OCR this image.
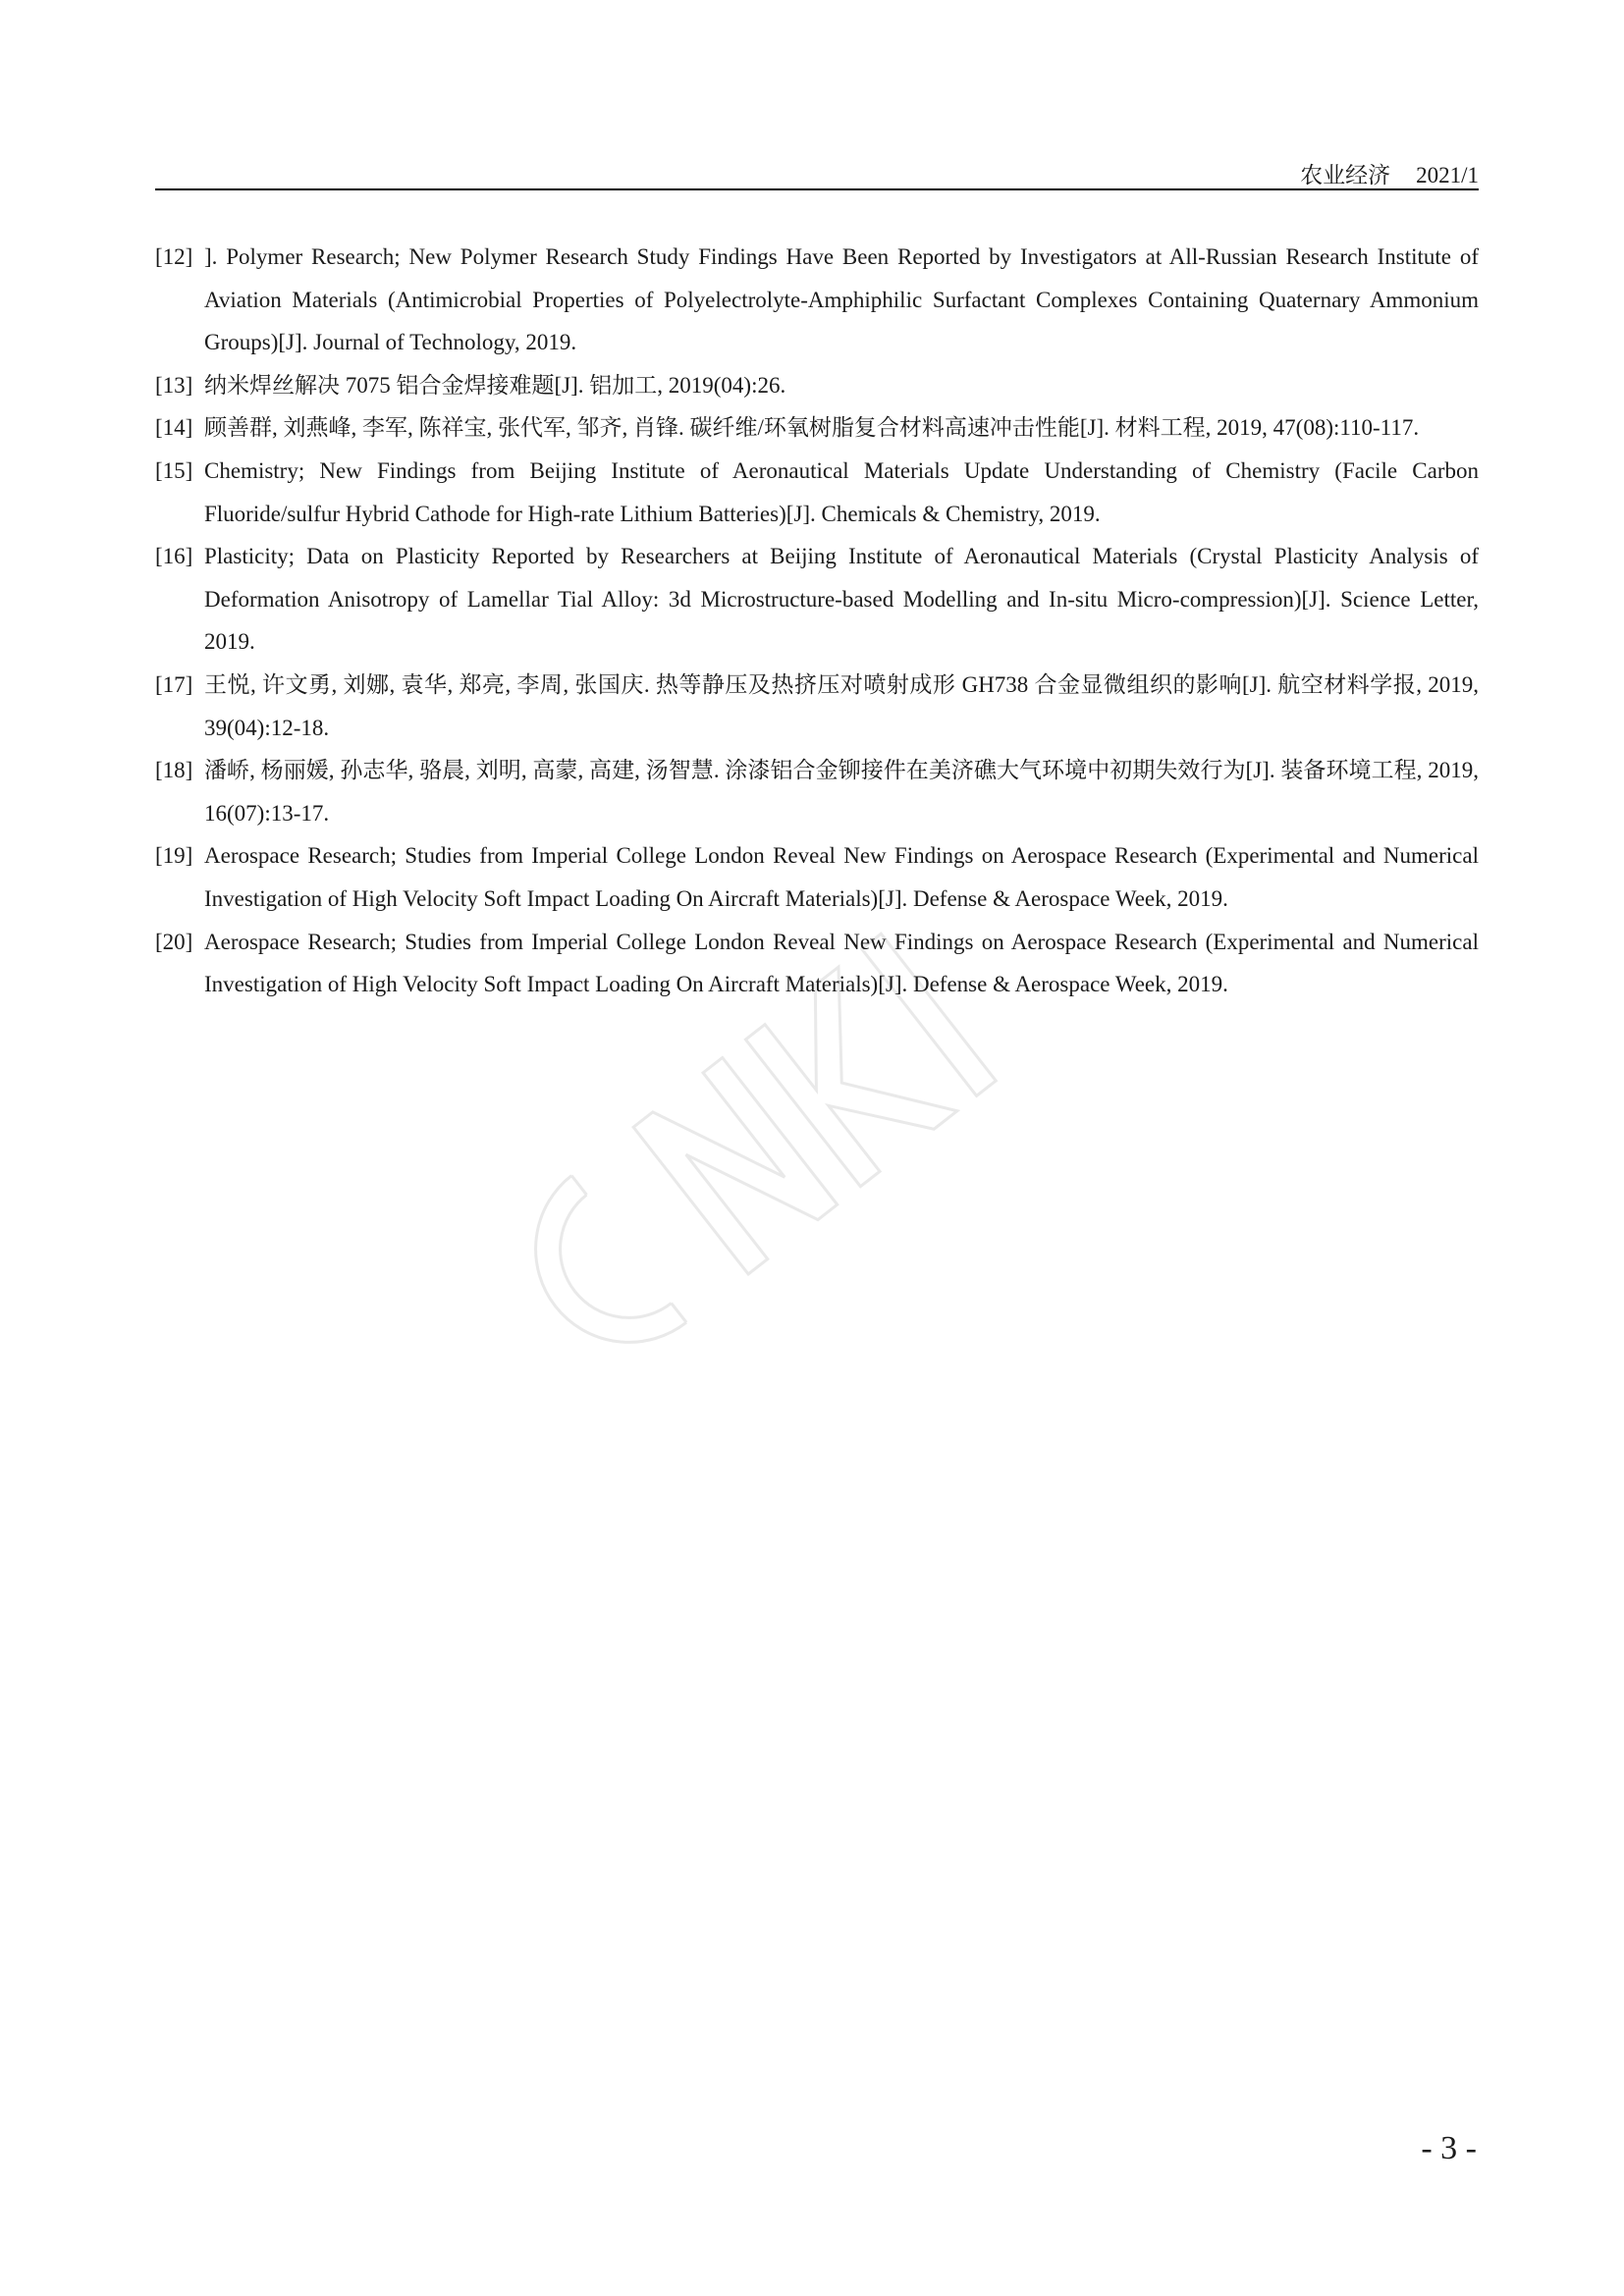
农业经济 2021/1
[12] ]. Polymer Research; New Polymer Research Study Findings Have Been Reported by Investigators at All-Russian Research Institute of Aviation Materials (Antimicrobial Properties of Polyelectrolyte-Amphiphilic Surfactant Complexes Containing Quaternary Ammonium Groups)[J]. Journal of Technology, 2019.
[13] 纳米焊丝解决 7075 铝合金焊接难题[J]. 铝加工, 2019(04):26.
[14] 顾善群, 刘燕峰, 李军, 陈祥宝, 张代军, 邹齐, 肖锋. 碳纤维/环氧树脂复合材料高速冲击性能[J]. 材料工程, 2019, 47(08):110-117.
[15] Chemistry; New Findings from Beijing Institute of Aeronautical Materials Update Understanding of Chemistry (Facile Carbon Fluoride/sulfur Hybrid Cathode for High-rate Lithium Batteries)[J]. Chemicals & Chemistry, 2019.
[16] Plasticity; Data on Plasticity Reported by Researchers at Beijing Institute of Aeronautical Materials (Crystal Plasticity Analysis of Deformation Anisotropy of Lamellar Tial Alloy: 3d Microstructure-based Modelling and In-situ Micro-compression)[J]. Science Letter, 2019.
[17] 王悦, 许文勇, 刘娜, 袁华, 郑亮, 李周, 张国庆. 热等静压及热挤压对喷射成形 GH738 合金显微组织的影响[J]. 航空材料学报, 2019, 39(04):12-18.
[18] 潘峤, 杨丽媛, 孙志华, 骆晨, 刘明, 高蒙, 高建, 汤智慧. 涂漆铝合金铆接件在美济礁大气环境中初期失效行为[J]. 装备环境工程, 2019, 16(07):13-17.
[19] Aerospace Research; Studies from Imperial College London Reveal New Findings on Aerospace Research (Experimental and Numerical Investigation of High Velocity Soft Impact Loading On Aircraft Materials)[J]. Defense & Aerospace Week, 2019.
[20] Aerospace Research; Studies from Imperial College London Reveal New Findings on Aerospace Research (Experimental and Numerical Investigation of High Velocity Soft Impact Loading On Aircraft Materials)[J]. Defense & Aerospace Week, 2019.
- 3 -
